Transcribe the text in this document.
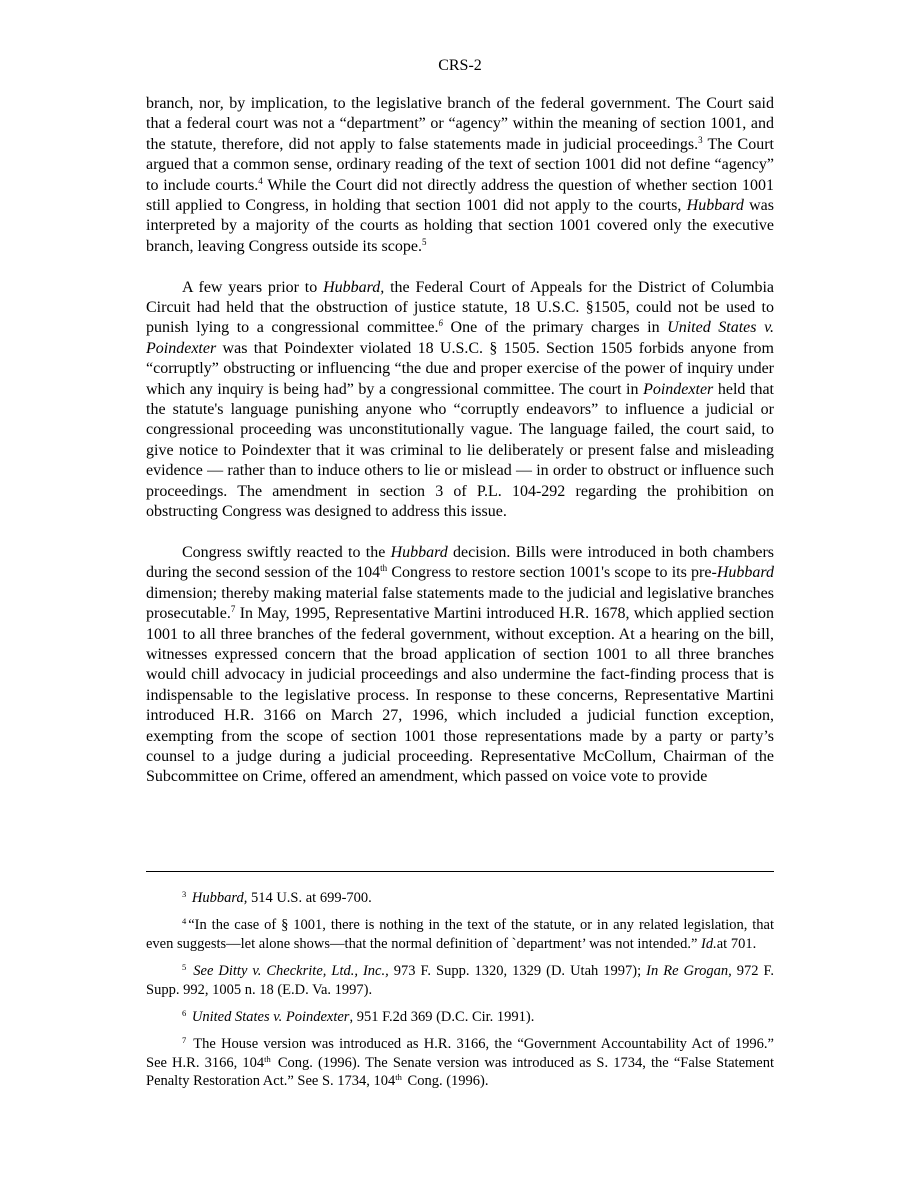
CRS-2

branch, nor, by implication, to the legislative branch of the federal government. The Court said that a federal court was not a “department” or “agency” within the meaning of section 1001, and the statute, therefore, did not apply to false statements made in judicial proceedings.$^3$ The Court argued that a common sense, ordinary reading of the text of section 1001 did not define “agency” to include courts.$^4$ While the Court did not directly address the question of whether section 1001 still applied to Congress, in holding that section 1001 did not apply to the courts, Hubbard was interpreted by a majority of the courts as holding that section 1001 covered only the executive branch, leaving Congress outside its scope.$^5$

A few years prior to Hubbard, the Federal Court of Appeals for the District of Columbia Circuit had held that the obstruction of justice statute, 18 U.S.C. §1505, could not be used to punish lying to a congressional committee.$^6$ One of the primary charges in United States v. Poindexter was that Poindexter violated 18 U.S.C. § 1505. Section 1505 forbids anyone from “corruptly” obstructing or influencing “the due and proper exercise of the power of inquiry under which any inquiry is being had” by a congressional committee. The court in Poindexter held that the statute's language punishing anyone who “corruptly endeavors” to influence a judicial or congressional proceeding was unconstitutionally vague. The language failed, the court said, to give notice to Poindexter that it was criminal to lie deliberately or present false and misleading evidence — rather than to induce others to lie or mislead — in order to obstruct or influence such proceedings. The amendment in section 3 of P.L. 104-292 regarding the prohibition on obstructing Congress was designed to address this issue.

Congress swiftly reacted to the Hubbard decision. Bills were introduced in both chambers during the second session of the 104th Congress to restore section 1001's scope to its pre-Hubbard dimension; thereby making material false statements made to the judicial and legislative branches prosecutable.$^7$ In May, 1995, Representative Martini introduced H.R. 1678, which applied section 1001 to all three branches of the federal government, without exception. At a hearing on the bill, witnesses expressed concern that the broad application of section 1001 to all three branches would chill advocacy in judicial proceedings and also undermine the fact-finding process that is indispensable to the legislative process. In response to these concerns, Representative Martini introduced H.R. 3166 on March 27, 1996, which included a judicial function exception, exempting from the scope of section 1001 those representations made by a party or party’s counsel to a judge during a judicial proceeding. Representative McCollum, Chairman of the Subcommittee on Crime, offered an amendment, which passed on voice vote to provide

$^3$ Hubbard, 514 U.S. at 699-700.

$^4$ “In the case of § 1001, there is nothing in the text of the statute, or in any related legislation, that even suggests—let alone shows—that the normal definition of `department’ was not intended.” Id.at 701.

$^5$ See Ditty v. Checkrite, Ltd., Inc., 973 F. Supp. 1320, 1329 (D. Utah 1997); In Re Grogan, 972 F. Supp. 992, 1005 n. 18 (E.D. Va. 1997).

$^6$ United States v. Poindexter, 951 F.2d 369 (D.C. Cir. 1991).

$^7$ The House version was introduced as H.R. 3166, the “Government Accountability Act of 1996.” See H.R. 3166, 104th Cong. (1996). The Senate version was introduced as S. 1734, the “False Statement Penalty Restoration Act.” See S. 1734, 104th Cong. (1996).
